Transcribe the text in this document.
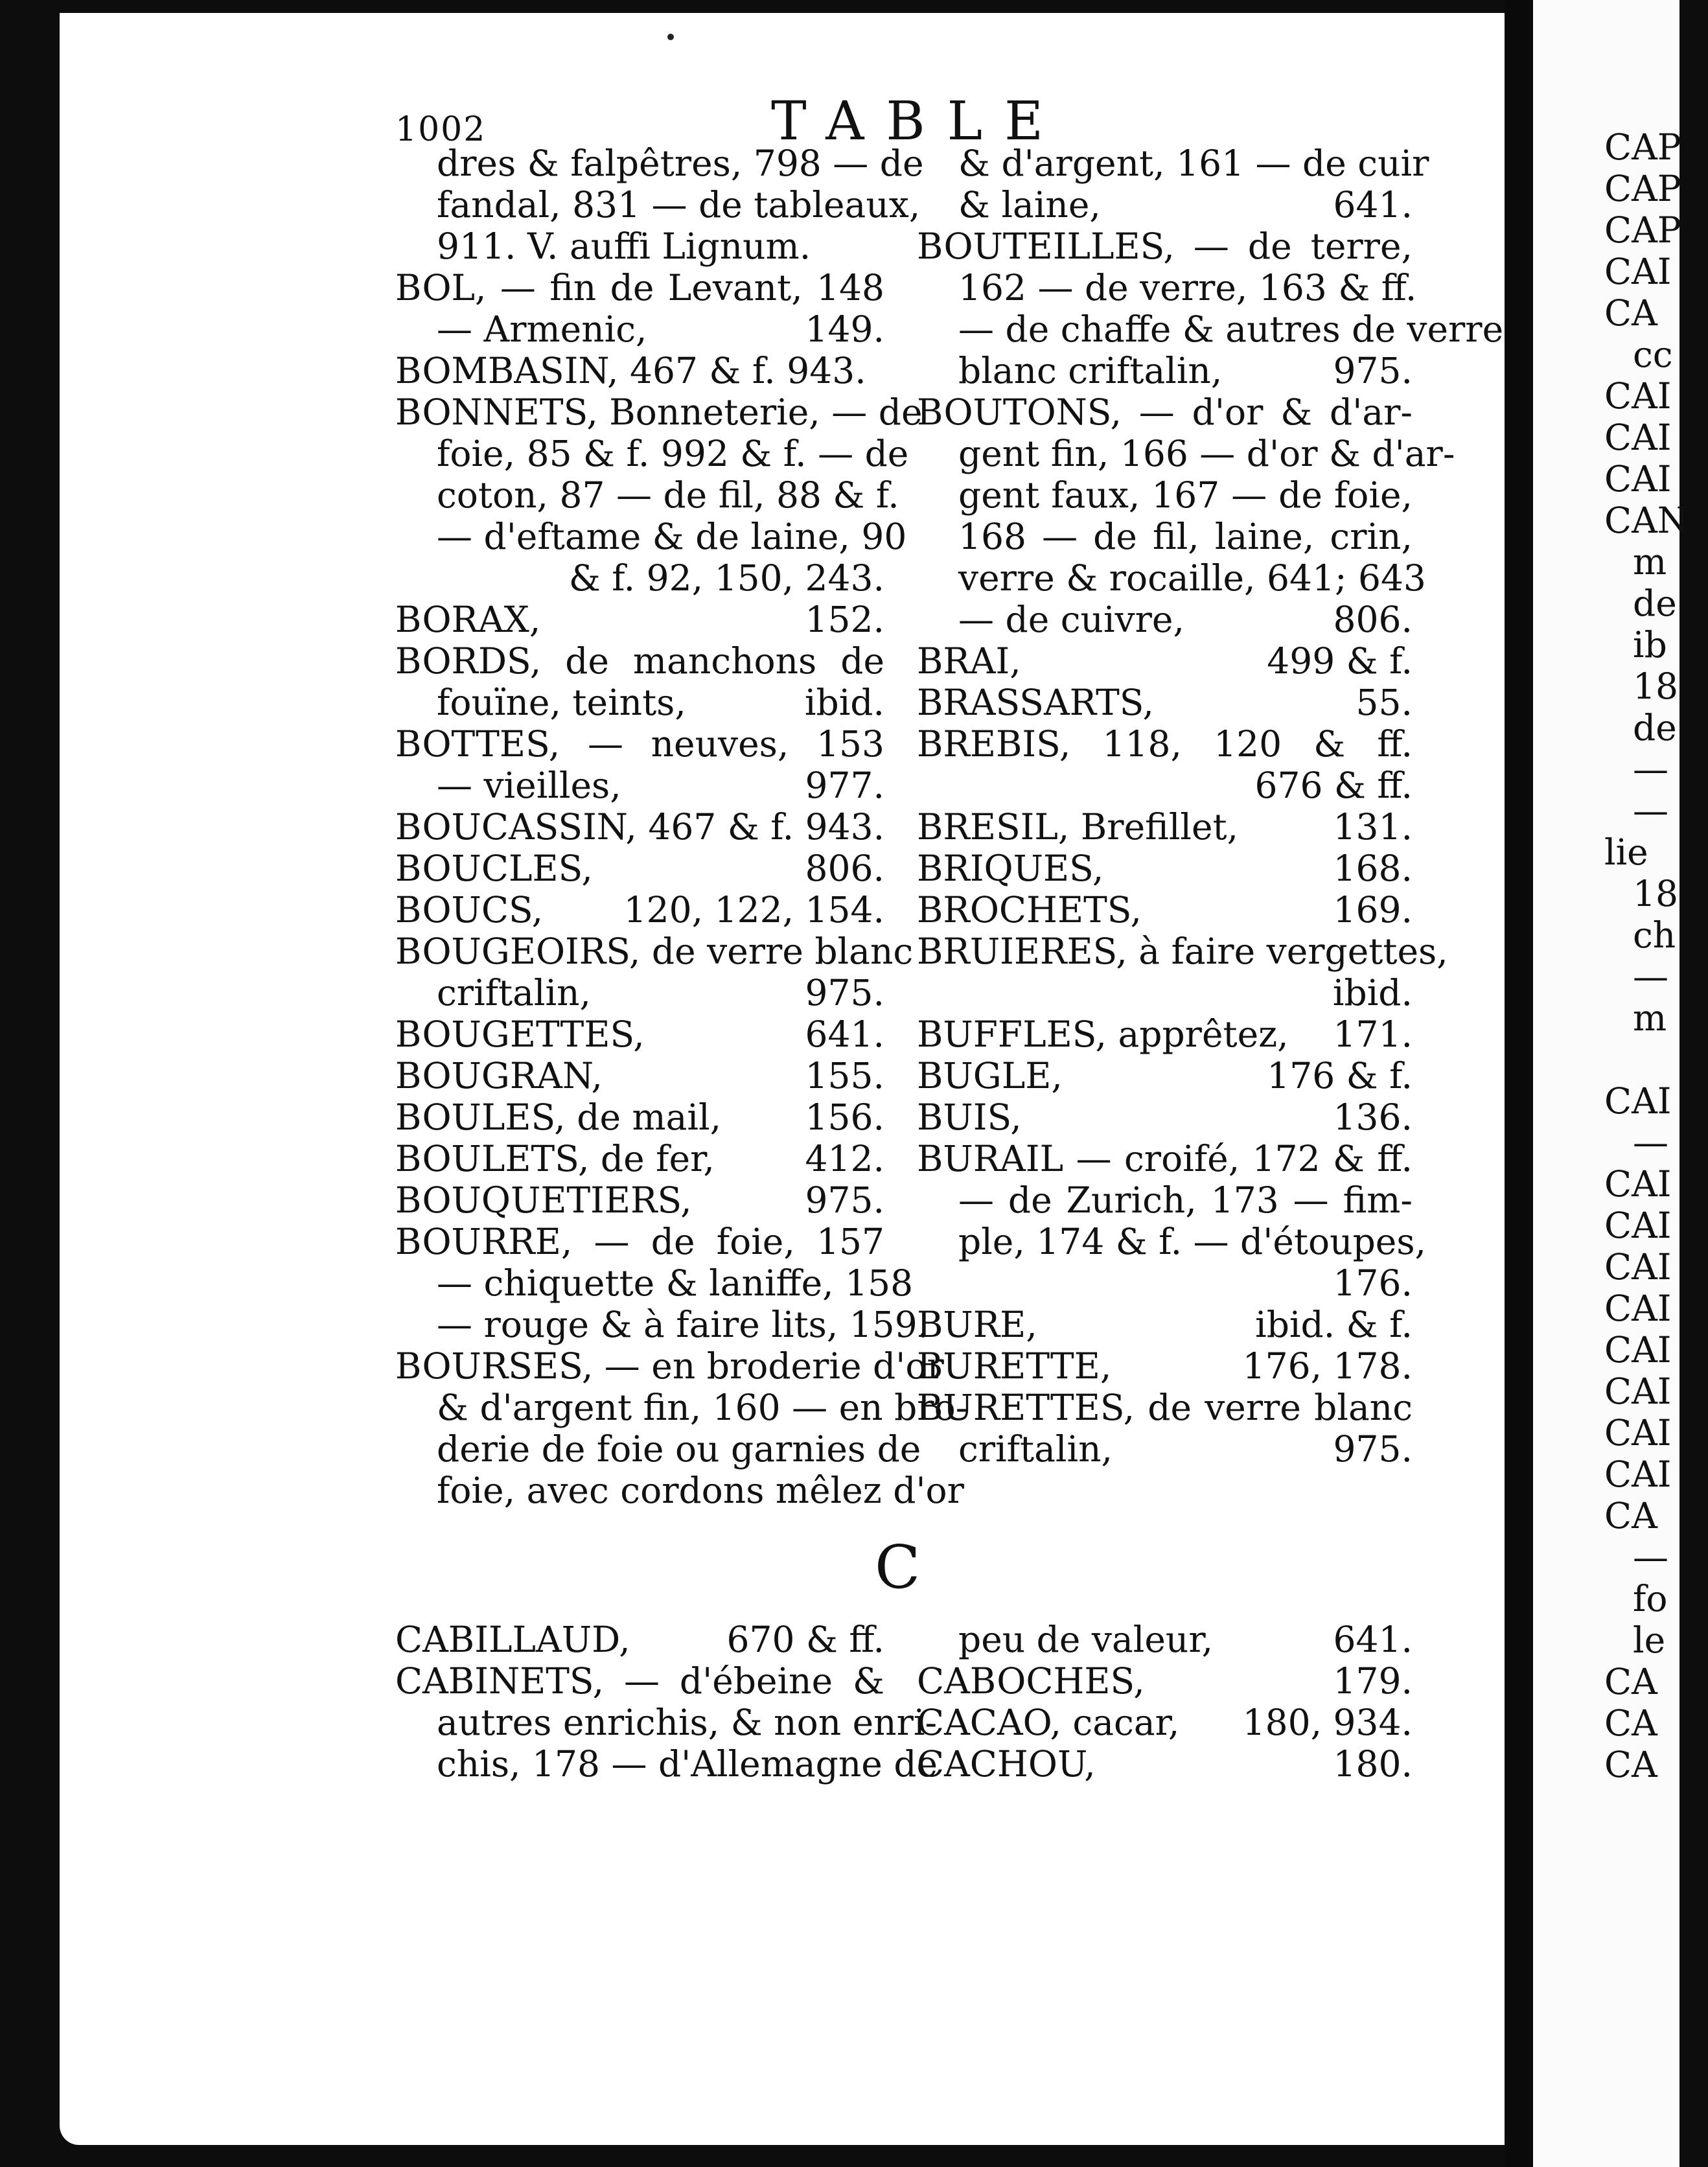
1002	TABLE
dres & falpêtres, 798 — de
fandal, 831 — de tableaux,
911. V. auffi Lignum.
BOL, — fin de Levant, 148
— Armenic,	149.
BOMBASIN, 467 & f. 943.
BONNETS, Bonneterie, — de
foie, 85 & f. 992 & f. — de
coton, 87 — de fil, 88 & f.
— d'eftame & de laine, 90
& f. 92, 150, 243.
BORAX,	152.
BORDS, de manchons de
fouïne, teints,	ibid.
BOTTES, — neuves, 153
— vieilles,	977.
BOUCASSIN, 467 & f. 943.
BOUCLES,	806.
BOUCS,	120, 122, 154.
BOUGEOIRS, de verre blanc
criftalin,	975.
BOUGETTES,	641.
BOUGRAN,	155.
BOULES, de mail,	156.
BOULETS, de fer,	412.
BOUQUETIERS,	975.
BOURRE, — de foie, 157
— chiquette & laniffe, 158
— rouge & à faire lits, 159.
BOURSES, — en broderie d'or
& d'argent fin, 160 — en bro-
derie de foie ou garnies de
foie, avec cordons mêlez d'or
& d'argent, 161 — de cuir
& laine,	641.
BOUTEILLES, — de terre,
162 — de verre, 163 & ff.
— de chaffe & autres de verre
blanc criftalin,	975.
BOUTONS, — d'or & d'ar-
gent fin, 166 — d'or & d'ar-
gent faux, 167 — de foie,
168 — de fil, laine, crin,
verre & rocaille, 641; 643
— de cuivre,	806.
BRAI,	499 & f.
BRASSARTS,	55.
BREBIS, 118, 120 & ff.
676 & ff.
BRESIL, Brefillet,	131.
BRIQUES,	168.
BROCHETS,	169.
BRUIERES, à faire vergettes,
ibid.
BUFFLES, apprêtez,	171.
BUGLE,	176 & f.
BUIS,	136.
BURAIL — croifé, 172 & ff.
— de Zurich, 173 — fim-
ple, 174 & f. — d'étoupes,
176.
BURE,	ibid. & f.
BURETTE,	176, 178.
BURETTES, de verre blanc
criftalin,	975.
C
CABILLAUD,	670 & ff.
CABINETS, — d'ébeine &
autres enrichis, & non enri-
chis, 178 — d'Allemagne de
peu de valeur,	641.
CABOCHES,	179.
CACAO, cacar,	180, 934.
CACHOU,	180.
CAP
CAP
CAP
CAI
CA
cc
CAI
CAI
CAI
CAN
m
de
ib
18
de
—
—
lie
18
ch
—
m
CAI
—
CAI
CAI
CAI
CAI
CAI
CAI
CAI
CAI
CA
—
fo
le
CA
CA
CA
